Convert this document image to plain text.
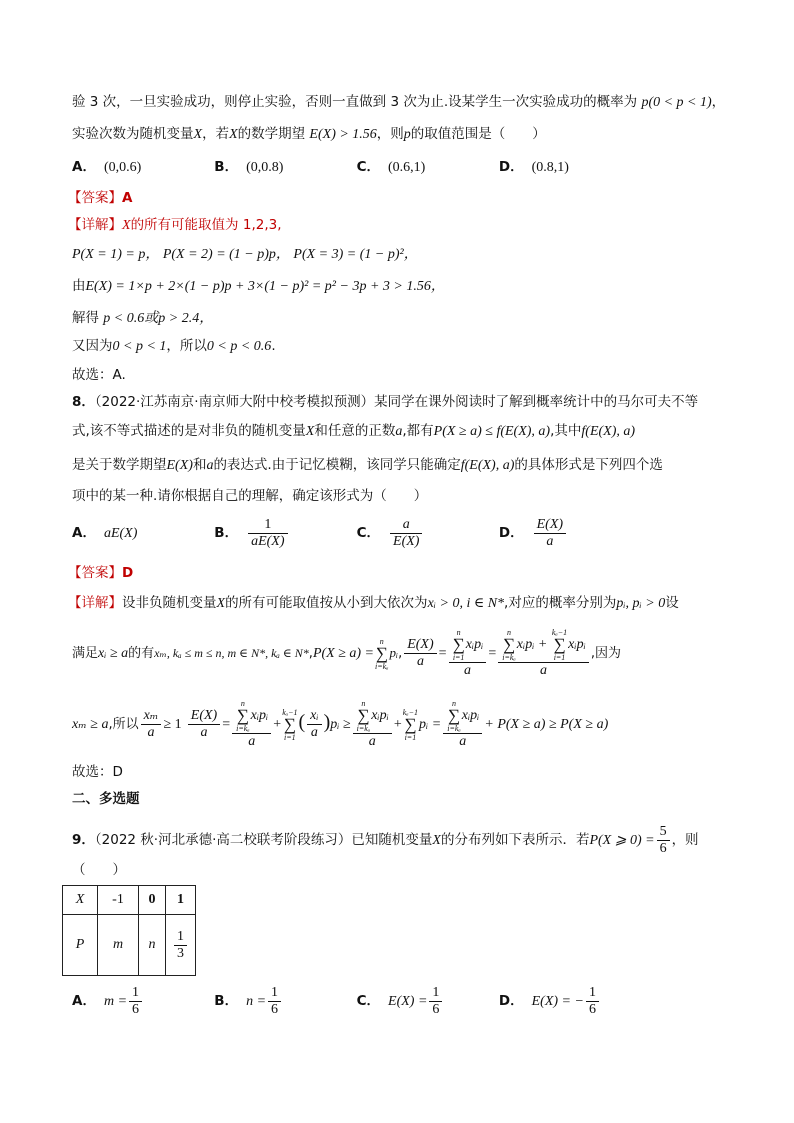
验 3 次，一旦实验成功，则停止实验，否则一直做到 3 次为止.设某学生一次实验成功的概率为 p(0 < p < 1)，
实验次数为随机变量X，若X的数学期望 E(X) > 1.56，则p的取值范围是（　　）
A． (0,0.6)	B． (0,0.8)	C． (0.6,1)	D． (0.8,1)
【答案】A
【详解】X的所有可能取值为 1,2,3,
P(X = 1) = p， P(X = 2) = (1 − p)p， P(X = 3) = (1 − p)²，
由E(X) = 1×p + 2×(1 − p)p + 3×(1 − p)² = p² − 3p + 3 > 1.56，
解得 p < 0.6或p > 2.4，
又因为0 < p < 1，所以0 < p < 0.6.
故选：A.
8．（2022·江苏南京·南京师大附中校考模拟预测）某同学在课外阅读时了解到概率统计中的马尔可夫不等
式,该不等式描述的是对非负的随机变量X和任意的正数a,都有P(X ≥ a) ≤ f(E(X), a),其中f(E(X), a)
是关于数学期望E(X)和a的表达式.由于记忆模糊，该同学只能确定f(E(X), a)的具体形式是下列四个选
项中的某一种.请你根据自己的理解，确定该形式为（　　）
A． aE(X)	B． $\frac{1}{aE(X)}$	C． $\frac{a}{E(X)}$	D． $\frac{E(X)}{a}$
【答案】D
【详解】设非负随机变量X的所有可能取值按从小到大依次为xᵢ > 0, i ∈ N*,对应的概率分别为pᵢ, pᵢ > 0设
满足xᵢ ≥ a的有xₘ, kₐ ≤ m ≤ n, m ∈ N*, kₐ ∈ N*,P(X ≥ a) =
n
∑
i=kₐ
pᵢ, $\frac{E(X)}{a} = n$
∑
i=1
xᵢpᵢ
a = n
∑
i=kₐ
xᵢpᵢ +
kₐ−1
∑
i=1
xᵢpᵢ
a ,因为
xₘ ≥ a,所以 $\frac{\text{xₘ}}{a} \ge 1 \frac{E(X)}{a} = n$
∑
i=kₐ
xᵢpᵢ
a +
kₐ−1
∑
i=1
( $\frac{\text{xᵢ}}{a}$ )pᵢ ≥ n
∑
i=kₐ
xᵢpᵢ
a +
kₐ−1
∑
i=1
pᵢ = n
∑
i=kₐ
xᵢpᵢ
a + P(X ≥ a) ≥ P(X ≥ a)
故选：D
二、多选题
9．（2022 秋·河北承德·高二校联考阶段练习）已知随机变量X的分布列如下表所示．若P(X ⩾ $0) = \frac{5}{6}$ ，则
（　　）
X	-1	0	1
P	m	n	$\frac{1}{3}$
A． $m = \frac{1}{6}$	B． $n = \frac{1}{6}$	C． $E(X) = \frac{1}{6}$	D． E(X) = − $\frac{1}{6}$
